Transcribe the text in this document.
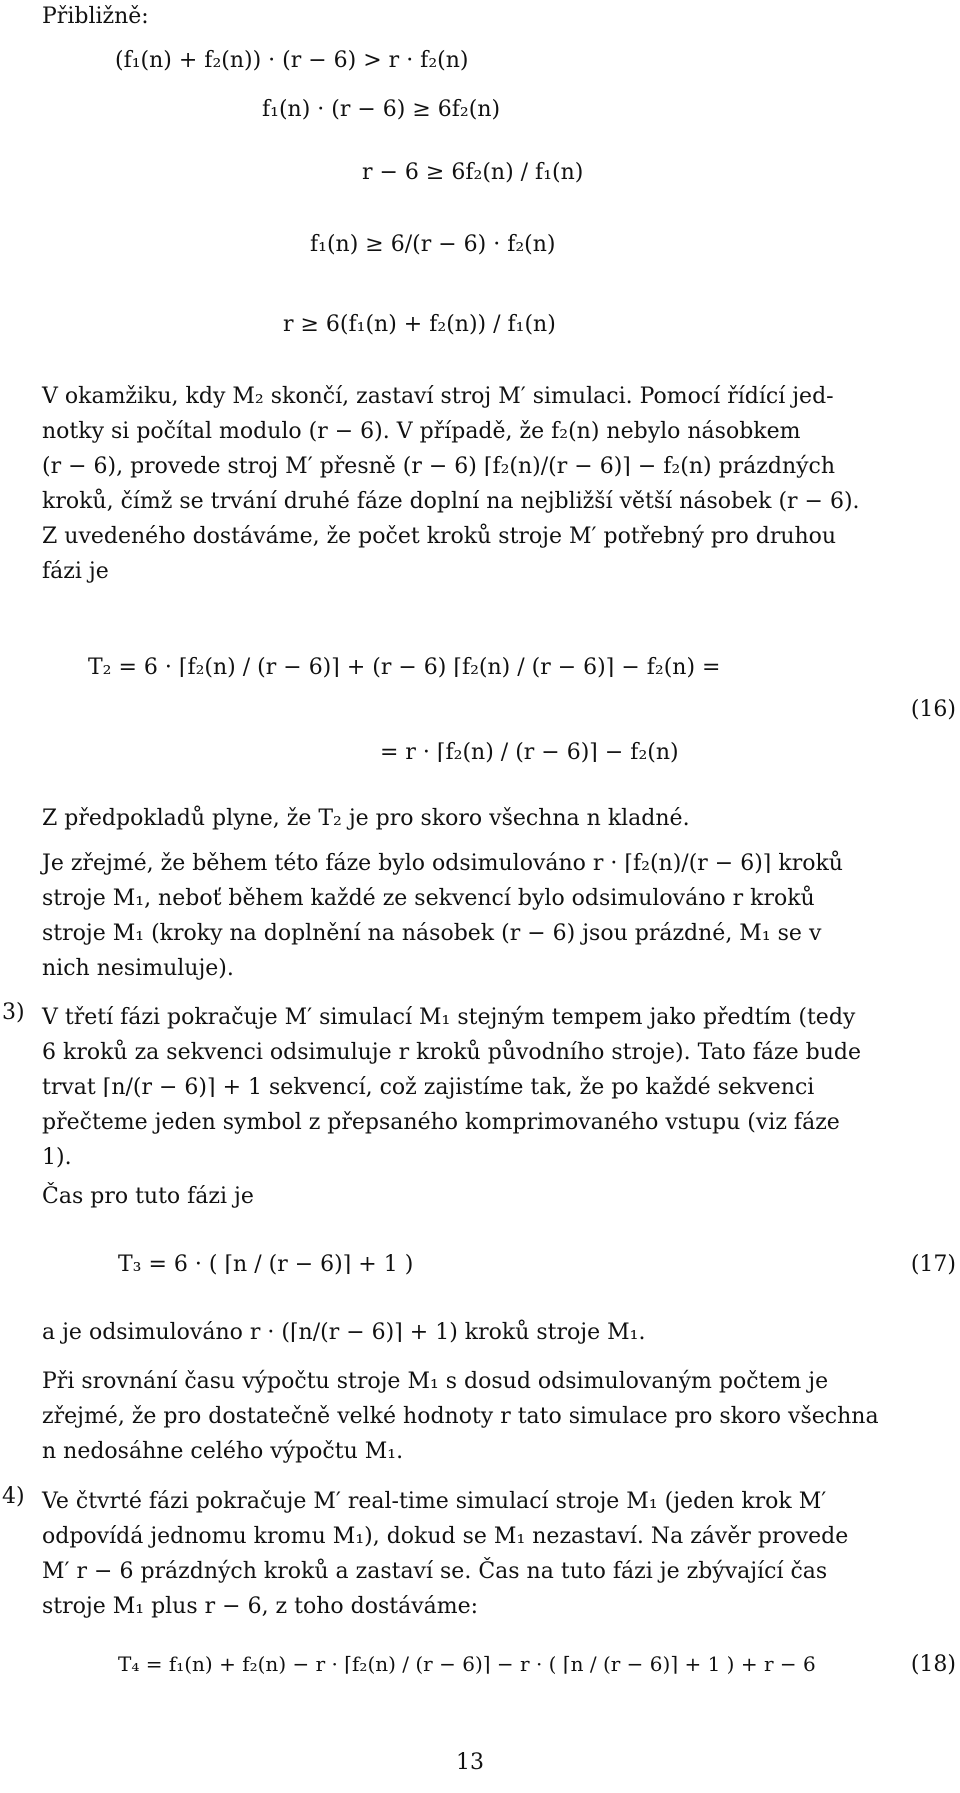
Přibližně:
(f₁(n) + f₂(n)) · (r − 6) > r · f₂(n)
f₁(n) · (r − 6) ≥ 6f₂(n)
r − 6 ≥ 6f₂(n) / f₁(n)
f₁(n) ≥ 6/(r − 6) · f₂(n)
r ≥ 6(f₁(n) + f₂(n)) / f₁(n)
V okamžiku, kdy M₂ skončí, zastaví stroj M′ simulaci. Pomocí řídící jed-
notky si počítal modulo (r − 6). V případě, že f₂(n) nebylo násobkem
(r − 6), provede stroj M′ přesně (r − 6) ⌈f₂(n)/(r − 6)⌉ − f₂(n) prázdných
kroků, čímž se trvání druhé fáze doplní na nejbližší větší násobek (r − 6).
Z uvedeného dostáváme, že počet kroků stroje M′ potřebný pro druhou
fázi je
T₂ = 6 · ⌈f₂(n) / (r − 6)⌉ + (r − 6) ⌈f₂(n) / (r − 6)⌉ − f₂(n) =
= r · ⌈f₂(n) / (r − 6)⌉ − f₂(n)
(16)
Z předpokladů plyne, že T₂ je pro skoro všechna n kladné.
Je zřejmé, že během této fáze bylo odsimulováno r · ⌈f₂(n)/(r − 6)⌉ kroků
stroje M₁, neboť během každé ze sekvencí bylo odsimulováno r kroků
stroje M₁ (kroky na doplnění na násobek (r − 6) jsou prázdné, M₁ se v
nich nesimuluje).
3) V třetí fázi pokračuje M′ simulací M₁ stejným tempem jako předtím (tedy
6 kroků za sekvenci odsimuluje r kroků původního stroje). Tato fáze bude
trvat ⌈n/(r − 6)⌉ + 1 sekvencí, což zajistíme tak, že po každé sekvenci
přečteme jeden symbol z přepsaného komprimovaného vstupu (viz fáze
1).
Čas pro tuto fázi je
T₃ = 6 · ( ⌈n / (r − 6)⌉ + 1 )	(17)
a je odsimulováno r · (⌈n/(r − 6)⌉ + 1) kroků stroje M₁.
Při srovnání času výpočtu stroje M₁ s dosud odsimulovaným počtem je
zřejmé, že pro dostatečně velké hodnoty r tato simulace pro skoro všechna
n nedosáhne celého výpočtu M₁.
4) Ve čtvrté fázi pokračuje M′ real-time simulací stroje M₁ (jeden krok M′
odpovídá jednomu kromu M₁), dokud se M₁ nezastaví. Na závěr provede
M′ r − 6 prázdných kroků a zastaví se. Čas na tuto fázi je zbývající čas
stroje M₁ plus r − 6, z toho dostáváme:
T₄ = f₁(n) + f₂(n) − r · ⌈f₂(n) / (r − 6)⌉ − r · ( ⌈n / (r − 6)⌉ + 1 ) + r − 6	(18)
13
